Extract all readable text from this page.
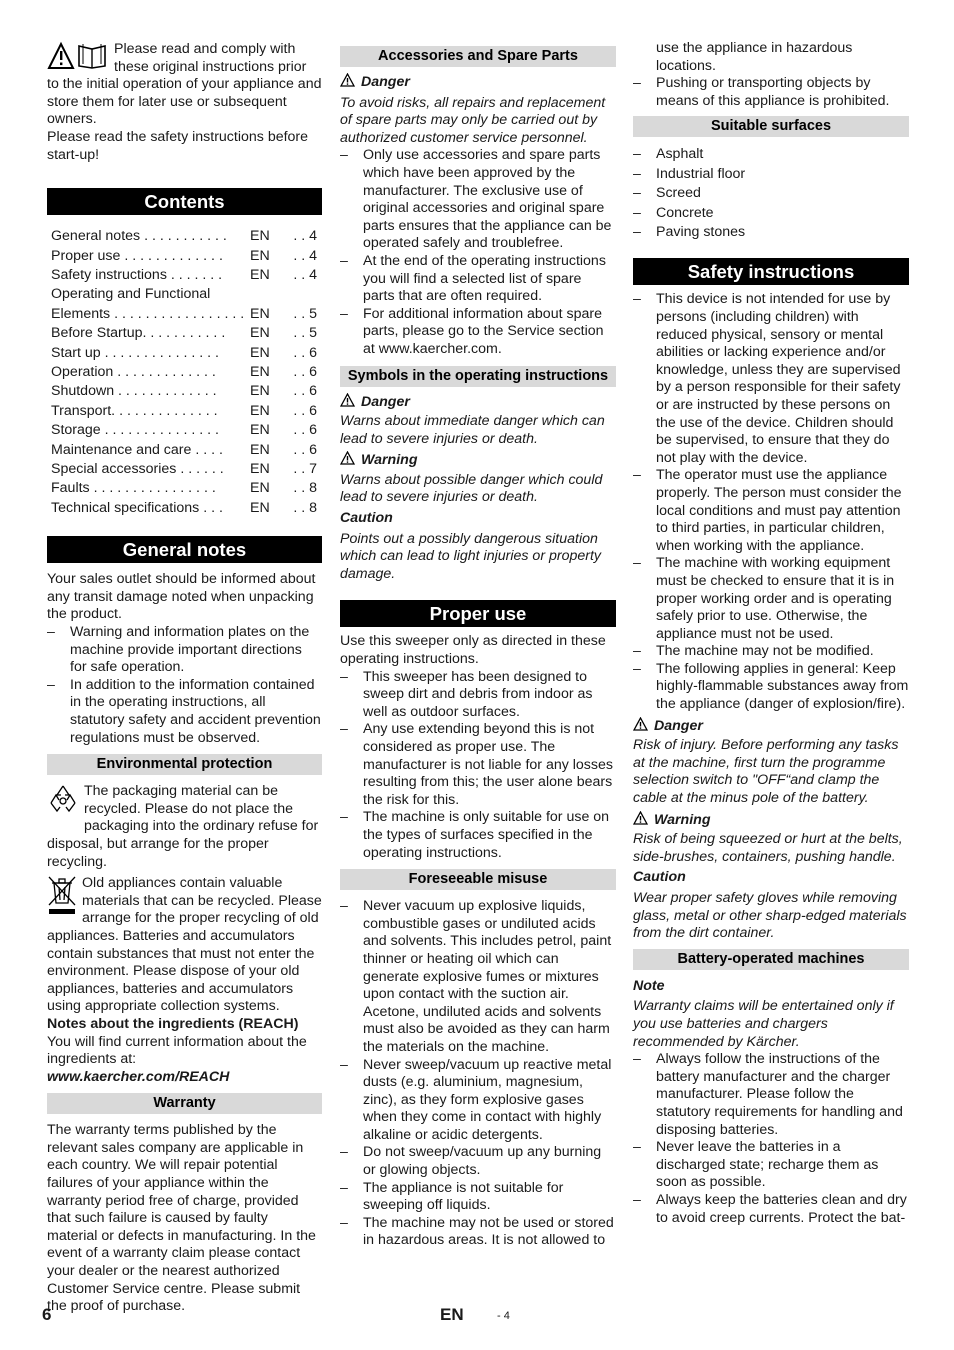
Please read and comply with these original instructions prior to the initial operation of your appliance and store them for later use or subsequent owners.

Please read the safety instructions before start-up!

Contents
General notes . . . . . . . . . . .	EN	. . 4
Proper use . . . . . . . . . . . . .	EN	. . 4
Safety instructions . . . . . . .	EN	. . 4
Operating and Functional Elements . . . . . . . . . . . . . . . . .	EN	. . 5
Before Startup. . . . . . . . . . .	EN	. . 5
Start up . . . . . . . . . . . . . . .	EN	. . 6
Operation . . . . . . . . . . . . .	EN	. . 6
Shutdown . . . . . . . . . . . . .	EN	. . 6
Transport. . . . . . . . . . . . . .	EN	. . 6
Storage . . . . . . . . . . . . . . .	EN	. . 6
Maintenance and care . . . .	EN	. . 6
Special accessories . . . . . .	EN	. . 7
Faults . . . . . . . . . . . . . . . .	EN	. . 8
Technical specifications . . .	EN	. . 8
General notes

Your sales outlet should be informed about any transit damage noted when unpacking the product.

– Warning and information plates on the machine provide important directions for safe operation.
– In addition to the information contained in the operating instructions, all statutory safety and accident prevention regulations must be observed.
Environmental protection

The packaging material can be recycled. Please do not place the packaging into the ordinary refuse for disposal, but arrange for the proper recycling.

Old appliances contain valuable materials that can be recycled. Please arrange for the proper recycling of old appliances. Batteries and accumulators contain substances that must not enter the environment. Please dispose of your old appliances, batteries and accumulators using appropriate collection systems.

Notes about the ingredients (REACH)

You will find current information about the ingredients at:

www.kaercher.com/REACH

Warranty

The warranty terms published by the relevant sales company are applicable in each country. We will repair potential failures of your appliance within the warranty period free of charge, provided that such failure is caused by faulty material or defects in manufacturing. In the event of a warranty claim please contact your dealer or the nearest authorized Customer Service centre. Please submit the proof of purchase.

Accessories and Spare Parts

Danger

To avoid risks, all repairs and replacement of spare parts may only be carried out by authorized customer service personnel.

– Only use accessories and spare parts which have been approved by the manufacturer. The exclusive use of original accessories and original spare parts ensures that the appliance can be operated safely and troublefree.
– At the end of the operating instructions you will find a selected list of spare parts that are often required.
– For additional information about spare parts, please go to the Service section at www.kaercher.com.
Symbols in the operating instructions

Danger

Warns about immediate danger which can lead to severe injuries or death.

Warning

Warns about possible danger which could lead to severe injuries or death.

Caution

Points out a possibly dangerous situation which can lead to light injuries or property damage.

Proper use

Use this sweeper only as directed in these operating instructions.

– This sweeper has been designed to sweep dirt and debris from indoor as well as outdoor surfaces.
– Any use extending beyond this is not considered as proper use. The manufacturer is not liable for any losses resulting from this; the user alone bears the risk for this.
– The machine is only suitable for use on the types of surfaces specified in the operating instructions.
Foreseeable misuse
– Never vacuum up explosive liquids, combustible gases or undiluted acids and solvents. This includes petrol, paint thinner or heating oil which can generate explosive fumes or mixtures upon contact with the suction air. Acetone, undiluted acids and solvents must also be avoided as they can harm the materials on the machine.
– Never sweep/vacuum up reactive metal dusts (e.g. aluminium, magnesium, zinc), as they form explosive gases when they come in contact with highly alkaline or acidic detergents.
– Do not sweep/vacuum up any burning or glowing objects.
– The appliance is not suitable for sweeping off liquids.
– The machine may not be used or stored in hazardous areas. It is not allowed to

use the appliance in hazardous locations.

– Pushing or transporting objects by means of this appliance is prohibited.
Suitable surfaces
– Asphalt
– Industrial floor
– Screed
– Concrete
– Paving stones
Safety instructions
– This device is not intended for use by persons (including children) with reduced physical, sensory or mental abilities or lacking experience and/or knowledge, unless they are supervised by a person responsible for their safety or are instructed by these persons on the use of the device. Children should be supervised, to ensure that they do not play with the device.
– The operator must use the appliance properly. The person must consider the local conditions and must pay attention to third parties, in particular children, when working with the appliance.
– The machine with working equipment must be checked to ensure that it is in proper working order and is operating safely prior to use. Otherwise, the appliance must not be used.
– The machine may not be modified.
– The following applies in general: Keep highly-flammable substances away from the appliance (danger of explosion/fire).

Danger

Risk of injury. Before performing any tasks at the machine, first turn the programme selection switch to "OFF“and clamp the cable at the minus pole of the battery.

Warning

Risk of being squeezed or hurt at the belts, side-brushes, containers, pushing handle.

Caution

Wear proper safety gloves while removing glass, metal or other sharp-edged materials from the dirt container.

Battery-operated machines

Note

Warranty claims will be entertained only if you use batteries and chargers recommended by Kärcher.

– Always follow the instructions of the battery manufacturer and the charger manufacturer. Please follow the statutory requirements for handling and disposing batteries.
– Never leave the batteries in a discharged state; recharge them as soon as possible.
– Always keep the batteries clean and dry to avoid creep currents. Protect the bat-
6	EN	- 4
